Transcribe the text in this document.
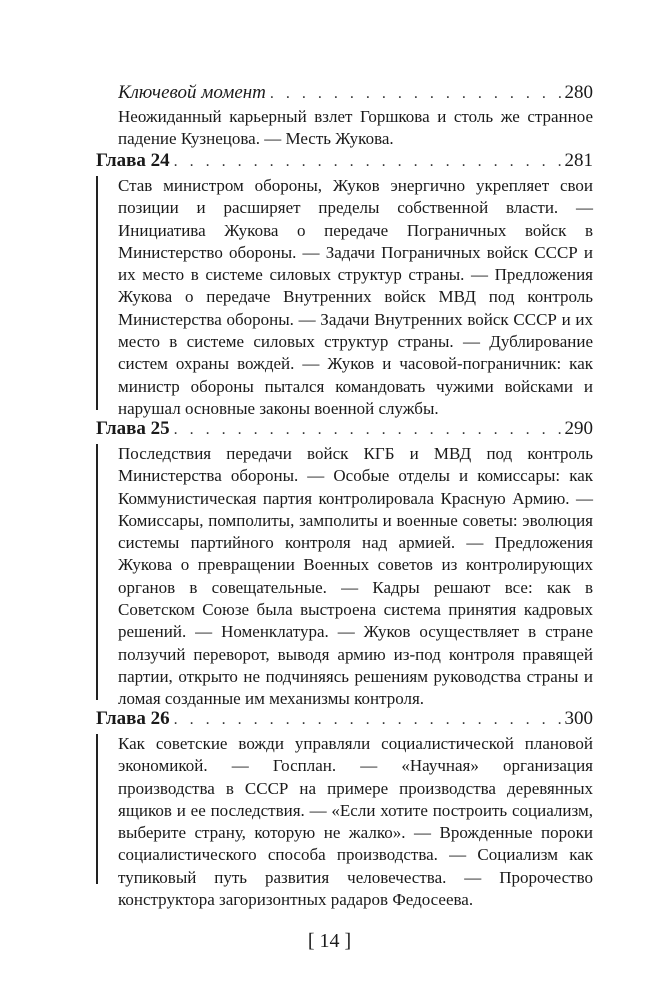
Ключевой момент . . .	280
Неожиданный карьерный взлет Горшкова и столь же странное падение Кузнецова. — Месть Жукова.
Глава 24 . . .	281
Став министром обороны, Жуков энергично укрепляет свои позиции и расширяет пределы собственной власти. — Инициатива Жукова о передаче Пограничных войск в Министерство обороны. — Задачи Пограничных войск СССР и их место в системе силовых структур страны. — Предложения Жукова о передаче Внутренних войск МВД под контроль Министерства обороны. — Задачи Внутренних войск СССР и их место в системе силовых структур страны. — Дублирование систем охраны вождей. — Жуков и часовой-пограничник: как министр обороны пытался командовать чужими войсками и нарушал основные законы военной службы.
Глава 25 . . .	290
Последствия передачи войск КГБ и МВД под контроль Министерства обороны. — Особые отделы и комиссары: как Коммунистическая партия контролировала Красную Армию. — Комиссары, помполиты, замполиты и военные советы: эволюция системы партийного контроля над армией. — Предложения Жукова о превращении Военных советов из контролирующих органов в совещательные. — Кадры решают все: как в Советском Союзе была выстроена система принятия кадровых решений. — Номенклатура. — Жуков осуществляет в стране ползучий переворот, выводя армию из-под контроля правящей партии, открыто не подчиняясь решениям руководства страны и ломая созданные им механизмы контроля.
Глава 26 . . .	300
Как советские вожди управляли социалистической плановой экономикой. — Госплан. — «Научная» организация производства в СССР на примере производства деревянных ящиков и ее последствия. — «Если хотите построить социализм, выберите страну, которую не жалко». — Врожденные пороки социалистического способа производства. — Социализм как тупиковый путь развития человечества. — Пророчество конструктора загоризонтных радаров Федосеева.
[ 14 ]
